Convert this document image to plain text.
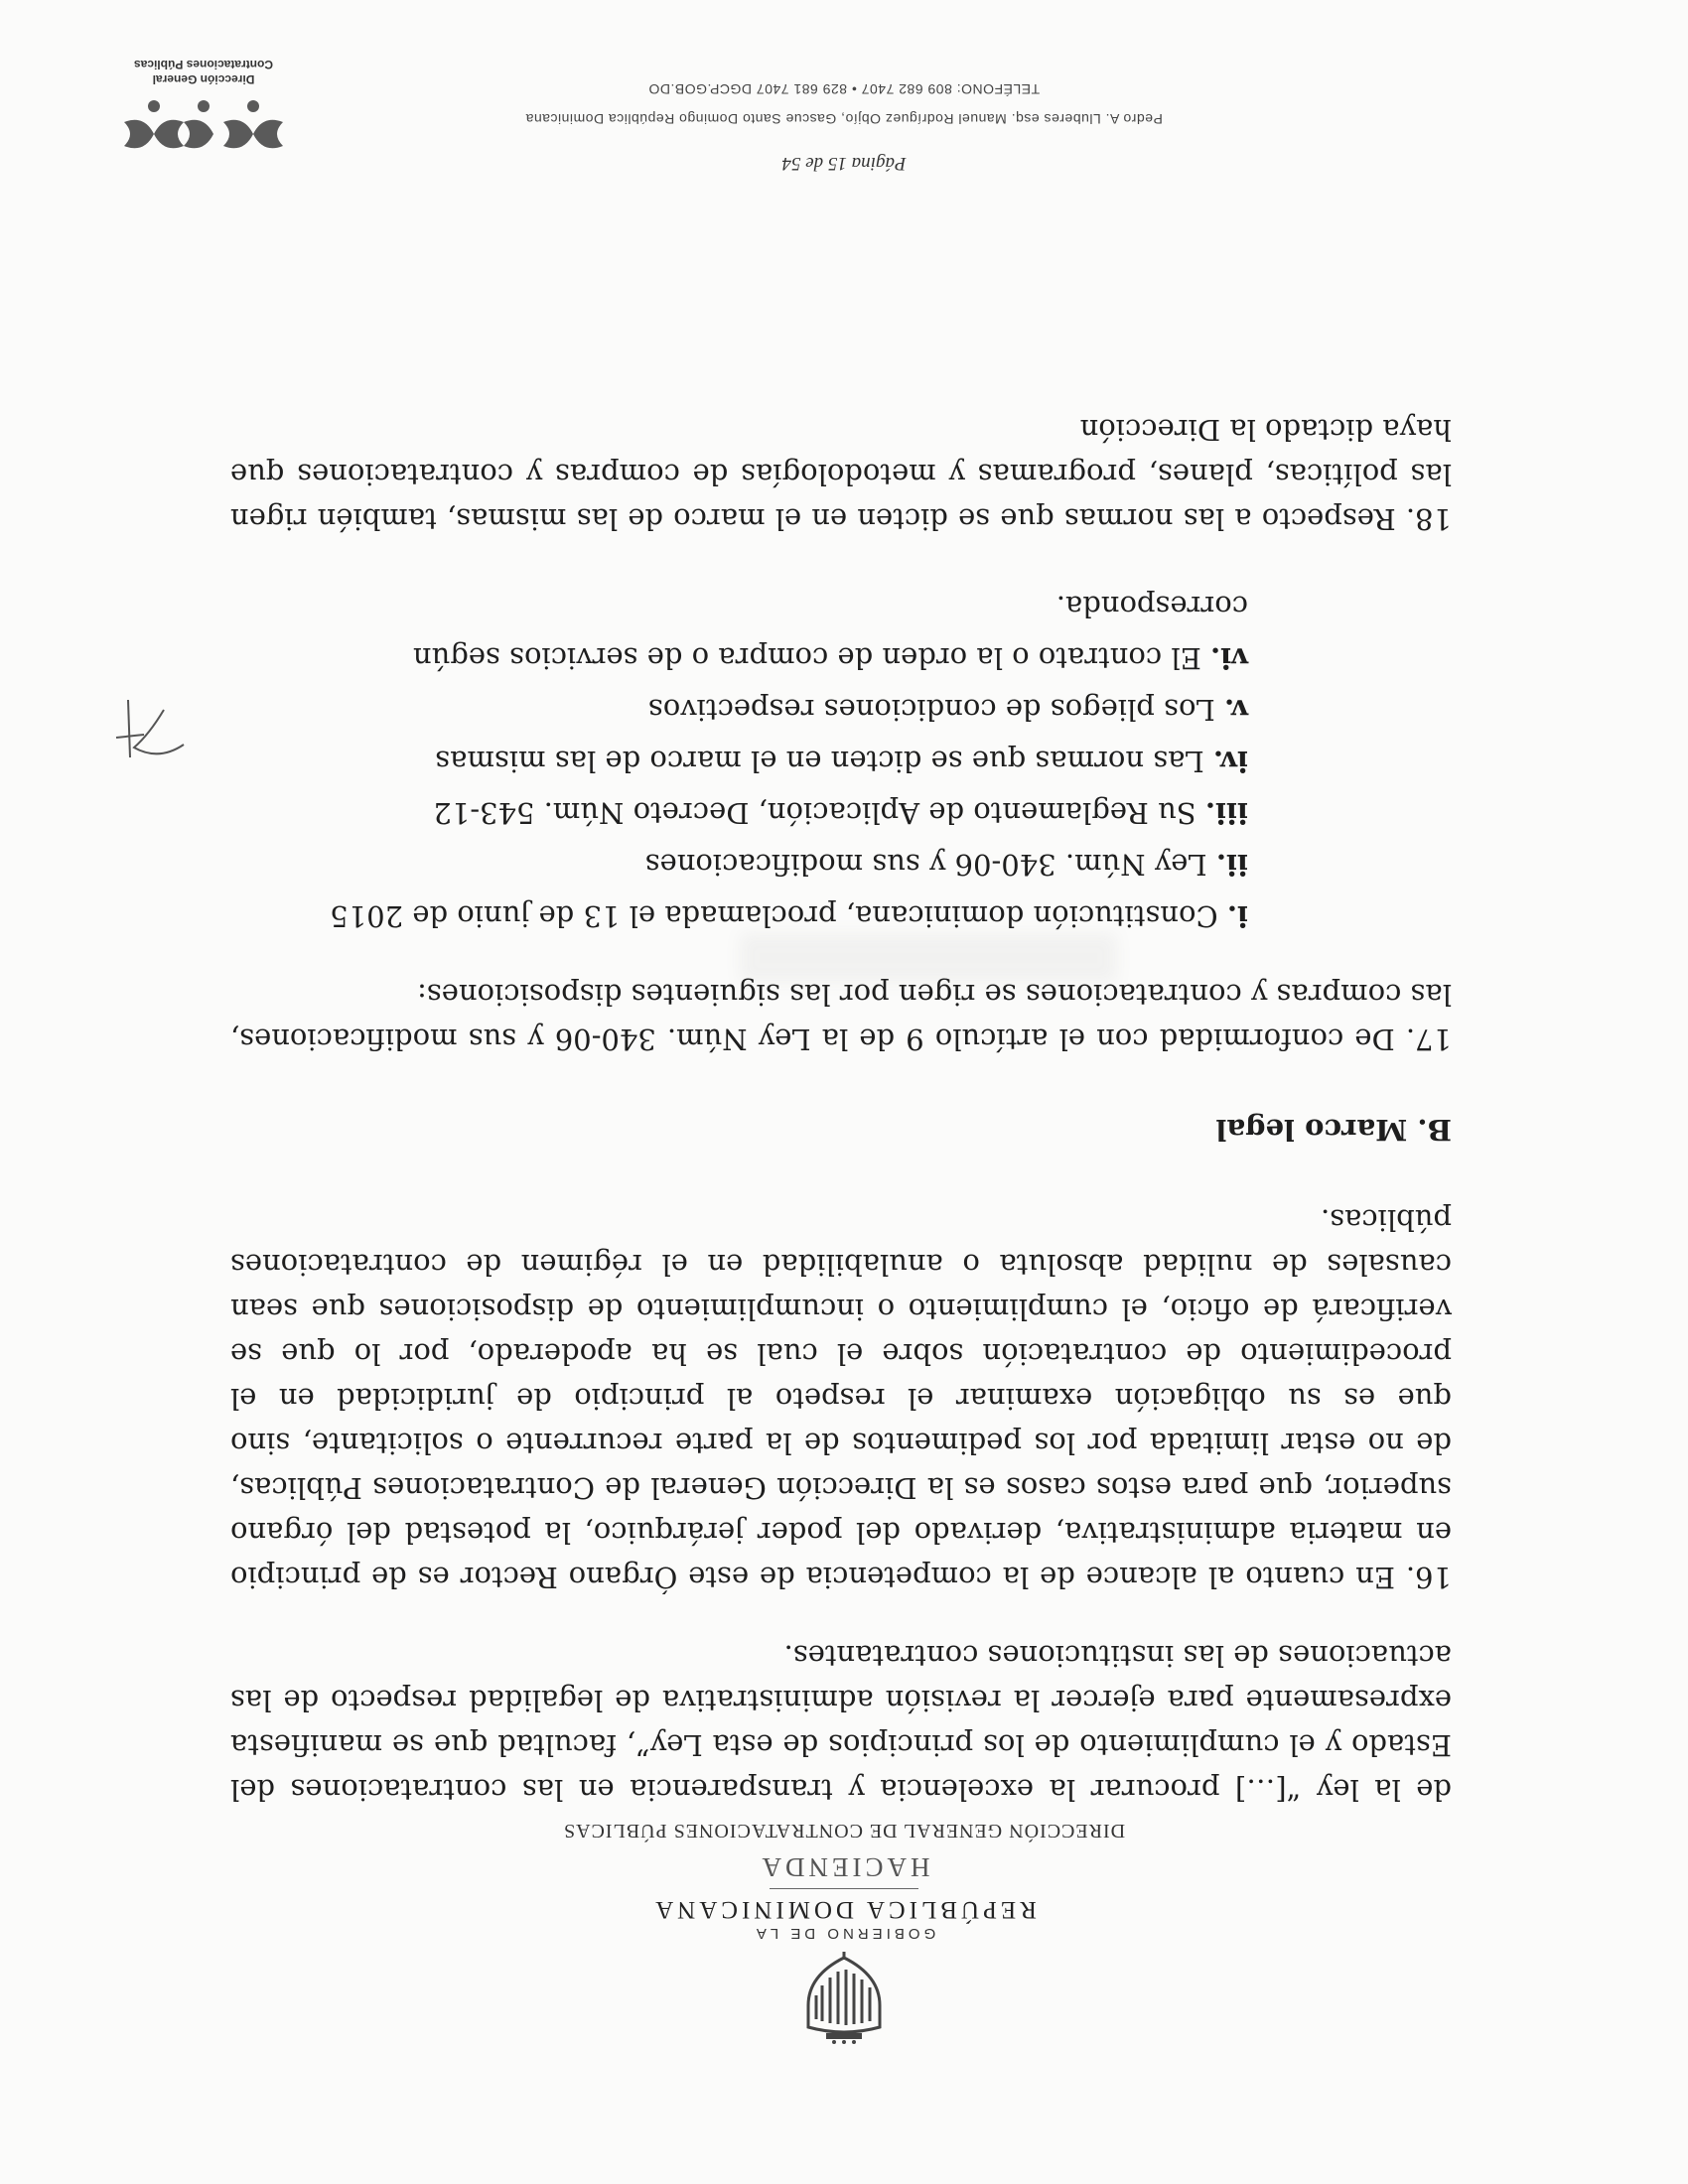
GOBIERNO DE LA
REPÚBLICA DOMINICANA
HACIENDA
DIRECCIÓN GENERAL DE CONTRATACIONES PÚBLICAS

de la ley “[…] procurar la excelencia y transparencia en las contrataciones del Estado y el cumplimiento de los principios de esta Ley”, facultad que se manifiesta expresamente para ejercer la revisión administrativa de legalidad respecto de las actuaciones de las instituciones contratantes.

16. En cuanto al alcance de la competencia de este Órgano Rector es de principio en materia administrativa, derivado del poder jerárquico, la potestad del órgano superior, que para estos casos es la Dirección General de Contrataciones Públicas, de no estar limitada por los pedimentos de la parte recurrente o solicitante, sino que es su obligación examinar el respeto al principio de juridicidad en el procedimiento de contratación sobre el cual se ha apoderado, por lo que se verificará de oficio, el cumplimiento o incumplimiento de disposiciones que sean causales de nulidad absoluta o anulabilidad en el régimen de contrataciones públicas.

B. Marco legal

17. De conformidad con el artículo 9 de la Ley Núm. 340-06 y sus modificaciones, las compras y contrataciones se rigen por las siguientes disposiciones:

i. Constitución dominicana, proclamada el 13 de junio de 2015
ii. Ley Núm. 340-06 y sus modificaciones
iii. Su Reglamento de Aplicación, Decreto Núm. 543-12
iv. Las normas que se dicten en el marco de las mismas
v. Los pliegos de condiciones respectivos
vi. El contrato o la orden de compra o de servicios según corresponda.

18. Respecto a las normas que se dicten en el marco de las mismas, también rigen las políticas, planes, programas y metodologías de compras y contrataciones que haya dictado la Dirección

Página 15 de 54
Pedro A. Lluberes esq. Manuel Rodríguez Objío, Gascue Santo Domingo República Dominicana
TELÉFONO: 809 682 7407 • 829 681 7407 DGCP.GOB.DO
Dirección General
Contrataciones Públicas
